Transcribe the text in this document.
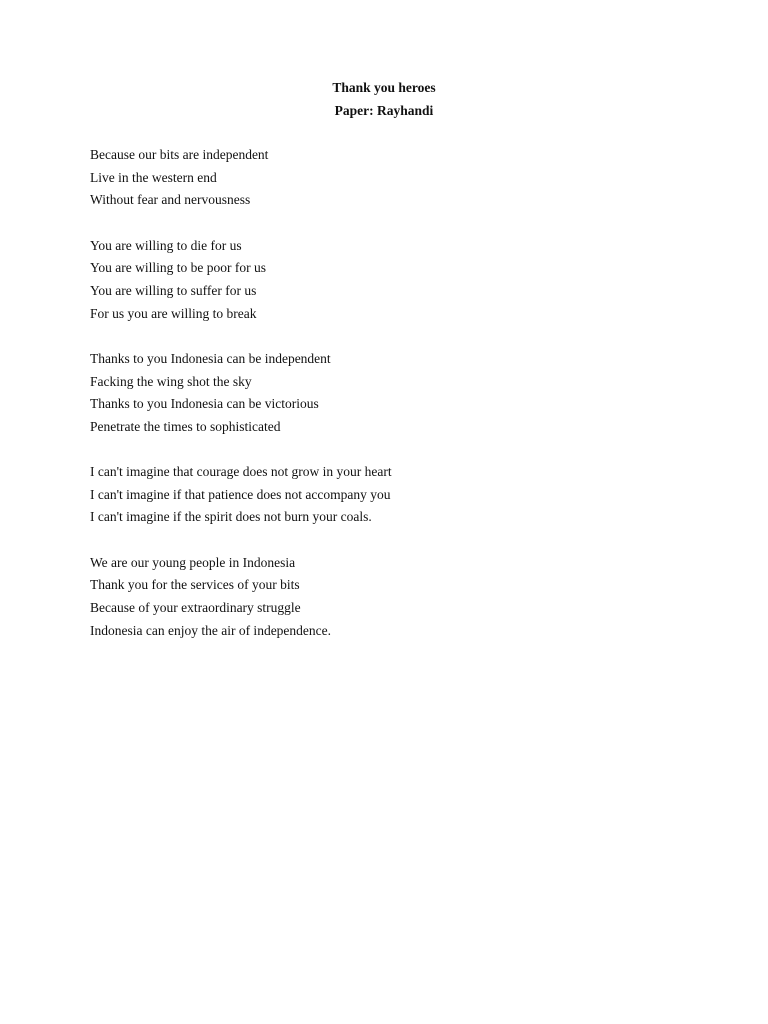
Thank you heroes
Paper: Rayhandi
Because our bits are independent
Live in the western end
Without fear and nervousness
You are willing to die for us
You are willing to be poor for us
You are willing to suffer for us
For us you are willing to break
Thanks to you Indonesia can be independent
Facking the wing shot the sky
Thanks to you Indonesia can be victorious
Penetrate the times to sophisticated
I can't imagine that courage does not grow in your heart
I can't imagine if that patience does not accompany you
I can't imagine if the spirit does not burn your coals.
We are our young people in Indonesia
Thank you for the services of your bits
Because of your extraordinary struggle
Indonesia can enjoy the air of independence.
